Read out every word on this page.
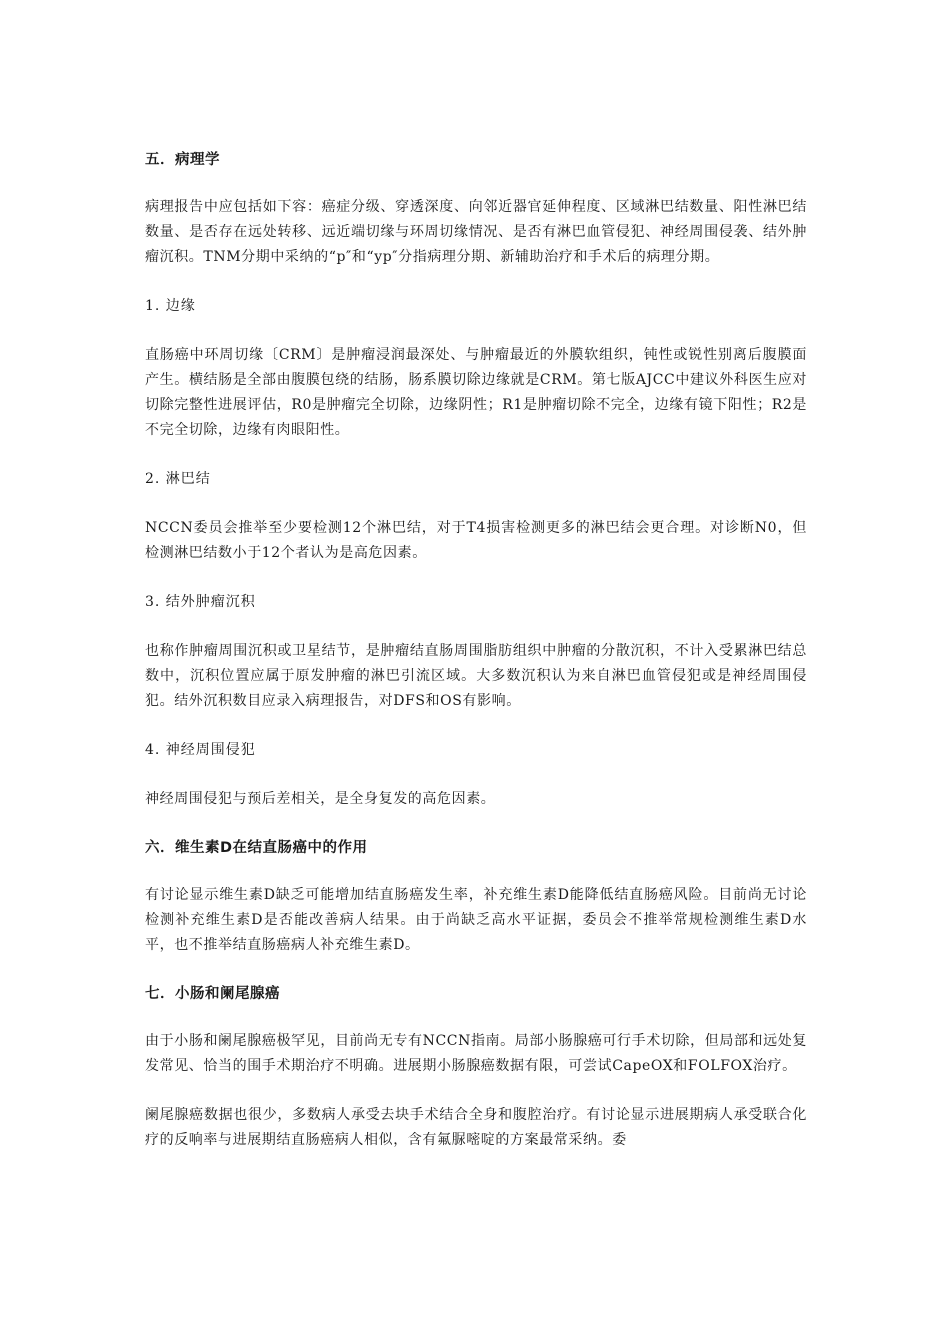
五．病理学
病理报告中应包括如下容：癌症分级、穿透深度、向邻近器官延伸程度、区域淋巴结数量、阳性淋巴结数量、是否存在远处转移、远近端切缘与环周切缘情况、是否有淋巴血管侵犯、神经周围侵袭、结外肿瘤沉积。TNM分期中采纳的“p″和“yp″分指病理分期、新辅助治疗和手术后的病理分期。
1. 边缘
直肠癌中环周切缘〔CRM〕是肿瘤浸润最深处、与肿瘤最近的外膜软组织，钝性或锐性别离后腹膜面产生。横结肠是全部由腹膜包绕的结肠，肠系膜切除边缘就是CRM。第七版AJCC中建议外科医生应对切除完整性进展评估，R0是肿瘤完全切除，边缘阴性；R1是肿瘤切除不完全，边缘有镜下阳性；R2是不完全切除，边缘有肉眼阳性。
2. 淋巴结
NCCN委员会推举至少要检测12个淋巴结，对于T4损害检测更多的淋巴结会更合理。对诊断N0，但检测淋巴结数小于12个者认为是高危因素。
3. 结外肿瘤沉积
也称作肿瘤周围沉积或卫星结节，是肿瘤结直肠周围脂肪组织中肿瘤的分散沉积，不计入受累淋巴结总数中，沉积位置应属于原发肿瘤的淋巴引流区域。大多数沉积认为来自淋巴血管侵犯或是神经周围侵犯。结外沉积数目应录入病理报告，对DFS和OS有影响。
4. 神经周围侵犯
神经周围侵犯与预后差相关，是全身复发的高危因素。
六．维生素D在结直肠癌中的作用
有讨论显示维生素D缺乏可能增加结直肠癌发生率，补充维生素D能降低结直肠癌风险。目前尚无讨论检测补充维生素D是否能改善病人结果。由于尚缺乏高水平证据，委员会不推举常规检测维生素D水平，也不推举结直肠癌病人补充维生素D。
七．小肠和阑尾腺癌
由于小肠和阑尾腺癌极罕见，目前尚无专有NCCN指南。局部小肠腺癌可行手术切除，但局部和远处复发常见、恰当的围手术期治疗不明确。进展期小肠腺癌数据有限，可尝试CapeOX和FOLFOX治疗。
阑尾腺癌数据也很少，多数病人承受去块手术结合全身和腹腔治疗。有讨论显示进展期病人承受联合化疗的反响率与进展期结直肠癌病人相似，含有氟脲嘧啶的方案最常采纳。委
